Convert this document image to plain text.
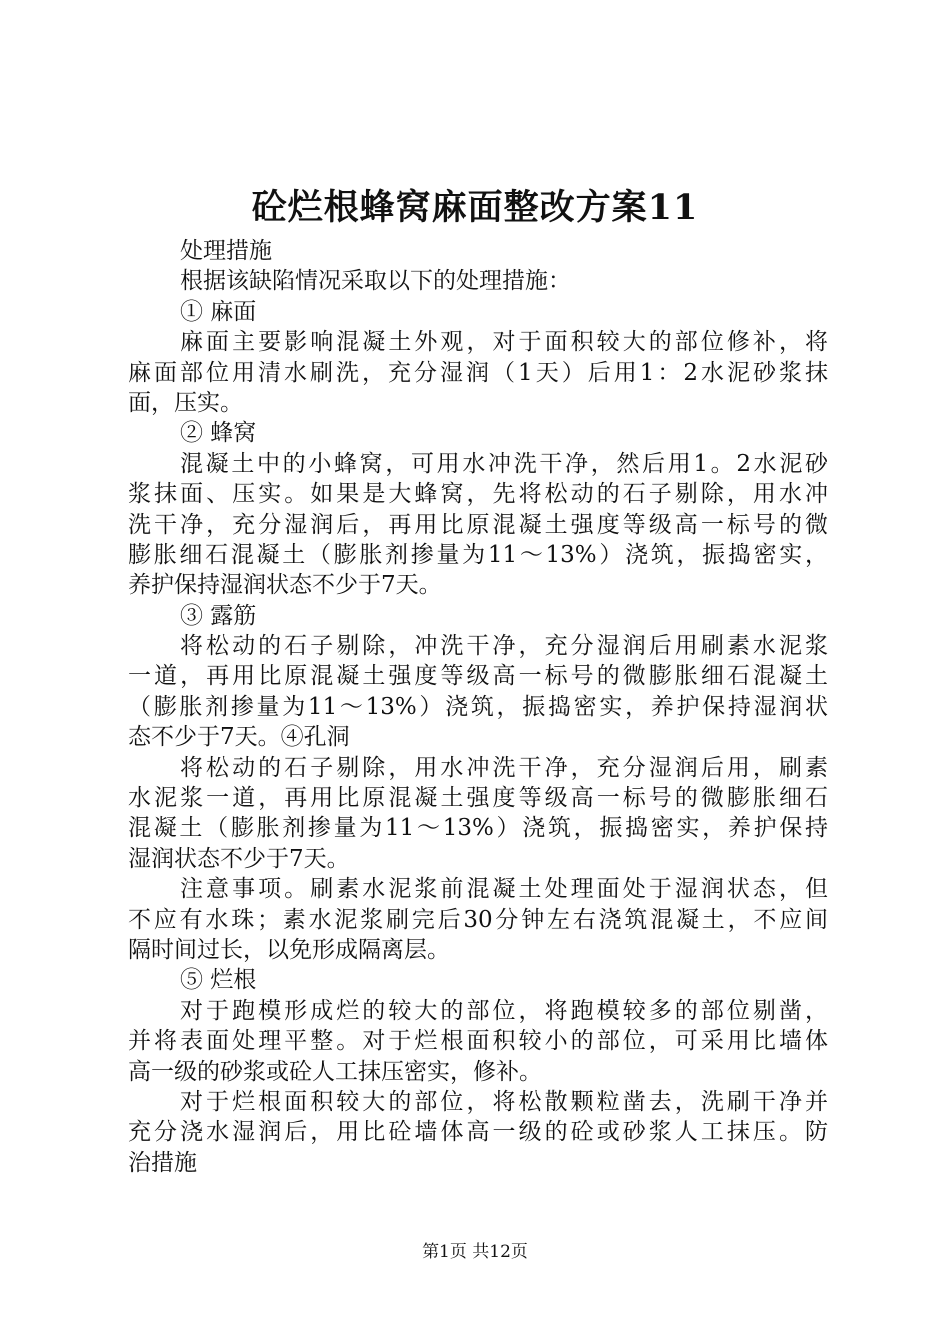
砼烂根蜂窝麻面整改方案11
处理措施
根据该缺陷情况采取以下的处理措施：
① 麻面
麻面主要影响混凝土外观，对于面积较大的部位修补，将
麻面部位用清水刷洗，充分湿润（1天）后用1：2水泥砂浆抹
面，压实。
② 蜂窝
混凝土中的小蜂窝，可用水冲洗干净，然后用1。2水泥砂
浆抹面、压实。如果是大蜂窝，先将松动的石子剔除，用水冲
洗干净，充分湿润后，再用比原混凝土强度等级高一标号的微
膨胀细石混凝土（膨胀剂掺量为11～13%）浇筑，振捣密实，
养护保持湿润状态不少于7天。
③ 露筋
将松动的石子剔除，冲洗干净，充分湿润后用刷素水泥浆
一道，再用比原混凝土强度等级高一标号的微膨胀细石混凝土
（膨胀剂掺量为11～13%）浇筑，振捣密实，养护保持湿润状
态不少于7天。④孔洞
将松动的石子剔除，用水冲洗干净，充分湿润后用，刷素
水泥浆一道，再用比原混凝土强度等级高一标号的微膨胀细石
混凝土（膨胀剂掺量为11～13%）浇筑，振捣密实，养护保持
湿润状态不少于7天。
注意事项。刷素水泥浆前混凝土处理面处于湿润状态，但
不应有水珠；素水泥浆刷完后30分钟左右浇筑混凝土，不应间
隔时间过长，以免形成隔离层。
⑤ 烂根
对于跑模形成烂的较大的部位，将跑模较多的部位剔凿，
并将表面处理平整。对于烂根面积较小的部位，可采用比墙体
高一级的砂浆或砼人工抹压密实，修补。
对于烂根面积较大的部位，将松散颗粒凿去，洗刷干净并
充分浇水湿润后，用比砼墙体高一级的砼或砂浆人工抹压。防
治措施
第1页 共12页
